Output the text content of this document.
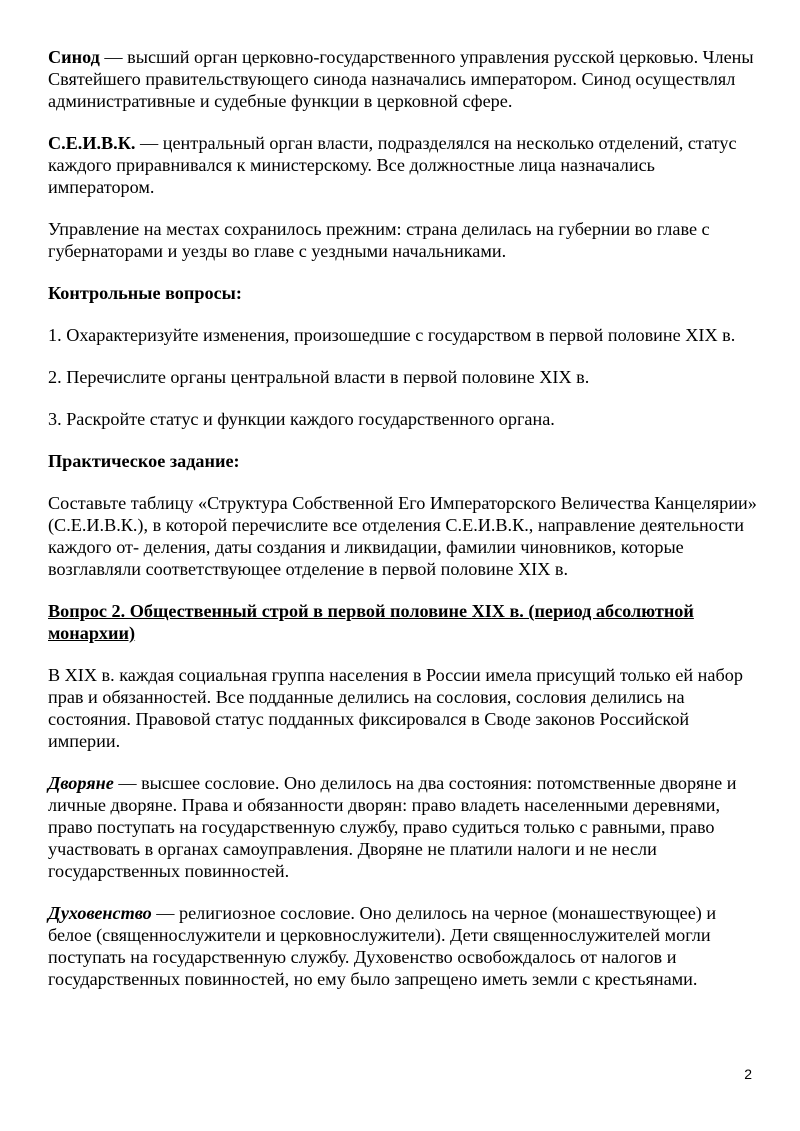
Синод — высший орган церковно-государственного управления русской церковью. Члены Святейшего правительствующего синода назначались императором. Синод осуществлял административные и судебные функции в церковной сфере.

С.Е.И.В.К. — центральный орган власти, подразделялся на несколько отделений, статус каждого приравнивался к министерскому. Все должностные лица назначались императором.

Управление на местах сохранилось прежним: страна делилась на губернии во главе с губернаторами и уезды во главе с уездными начальниками.

Контрольные вопросы:

1. Охарактеризуйте изменения, произошедшие с государством в первой половине XIX в.

2. Перечислите органы центральной власти в первой половине XIX в.

3. Раскройте статус и функции каждого государственного органа.

Практическое задание:

Составьте таблицу «Структура Собственной Его Императорского Величества Канцелярии» (С.Е.И.В.К.), в которой перечислите все отделения С.Е.И.В.К., направление деятельности каждого от- деления, даты создания и ликвидации, фамилии чиновников, которые возглавляли соответствующее отделение в первой половине XIX в.

Вопрос 2. Общественный строй в первой половине XIX в. (период абсолютной монархии)

В XIX в. каждая социальная группа населения в России имела присущий только ей набор прав и обязанностей. Все подданные делились на сословия, сословия делились на состояния. Правовой статус подданных фиксировался в Своде законов Российской империи.

Дворяне — высшее сословие. Оно делилось на два состояния: потомственные дворяне и личные дворяне. Права и обязанности дворян: право владеть населенными деревнями, право поступать на государственную службу, право судиться только с равными, право участвовать в органах самоуправления. Дворяне не платили налоги и не несли государственных повинностей.

Духовенство — религиозное сословие. Оно делилось на черное (монашествующее) и белое (священнослужители и церковнослужители). Дети священнослужителей могли поступать на государственную службу. Духовенство освобождалось от налогов и государственных повинностей, но ему было запрещено иметь земли с крестьянами.

2
